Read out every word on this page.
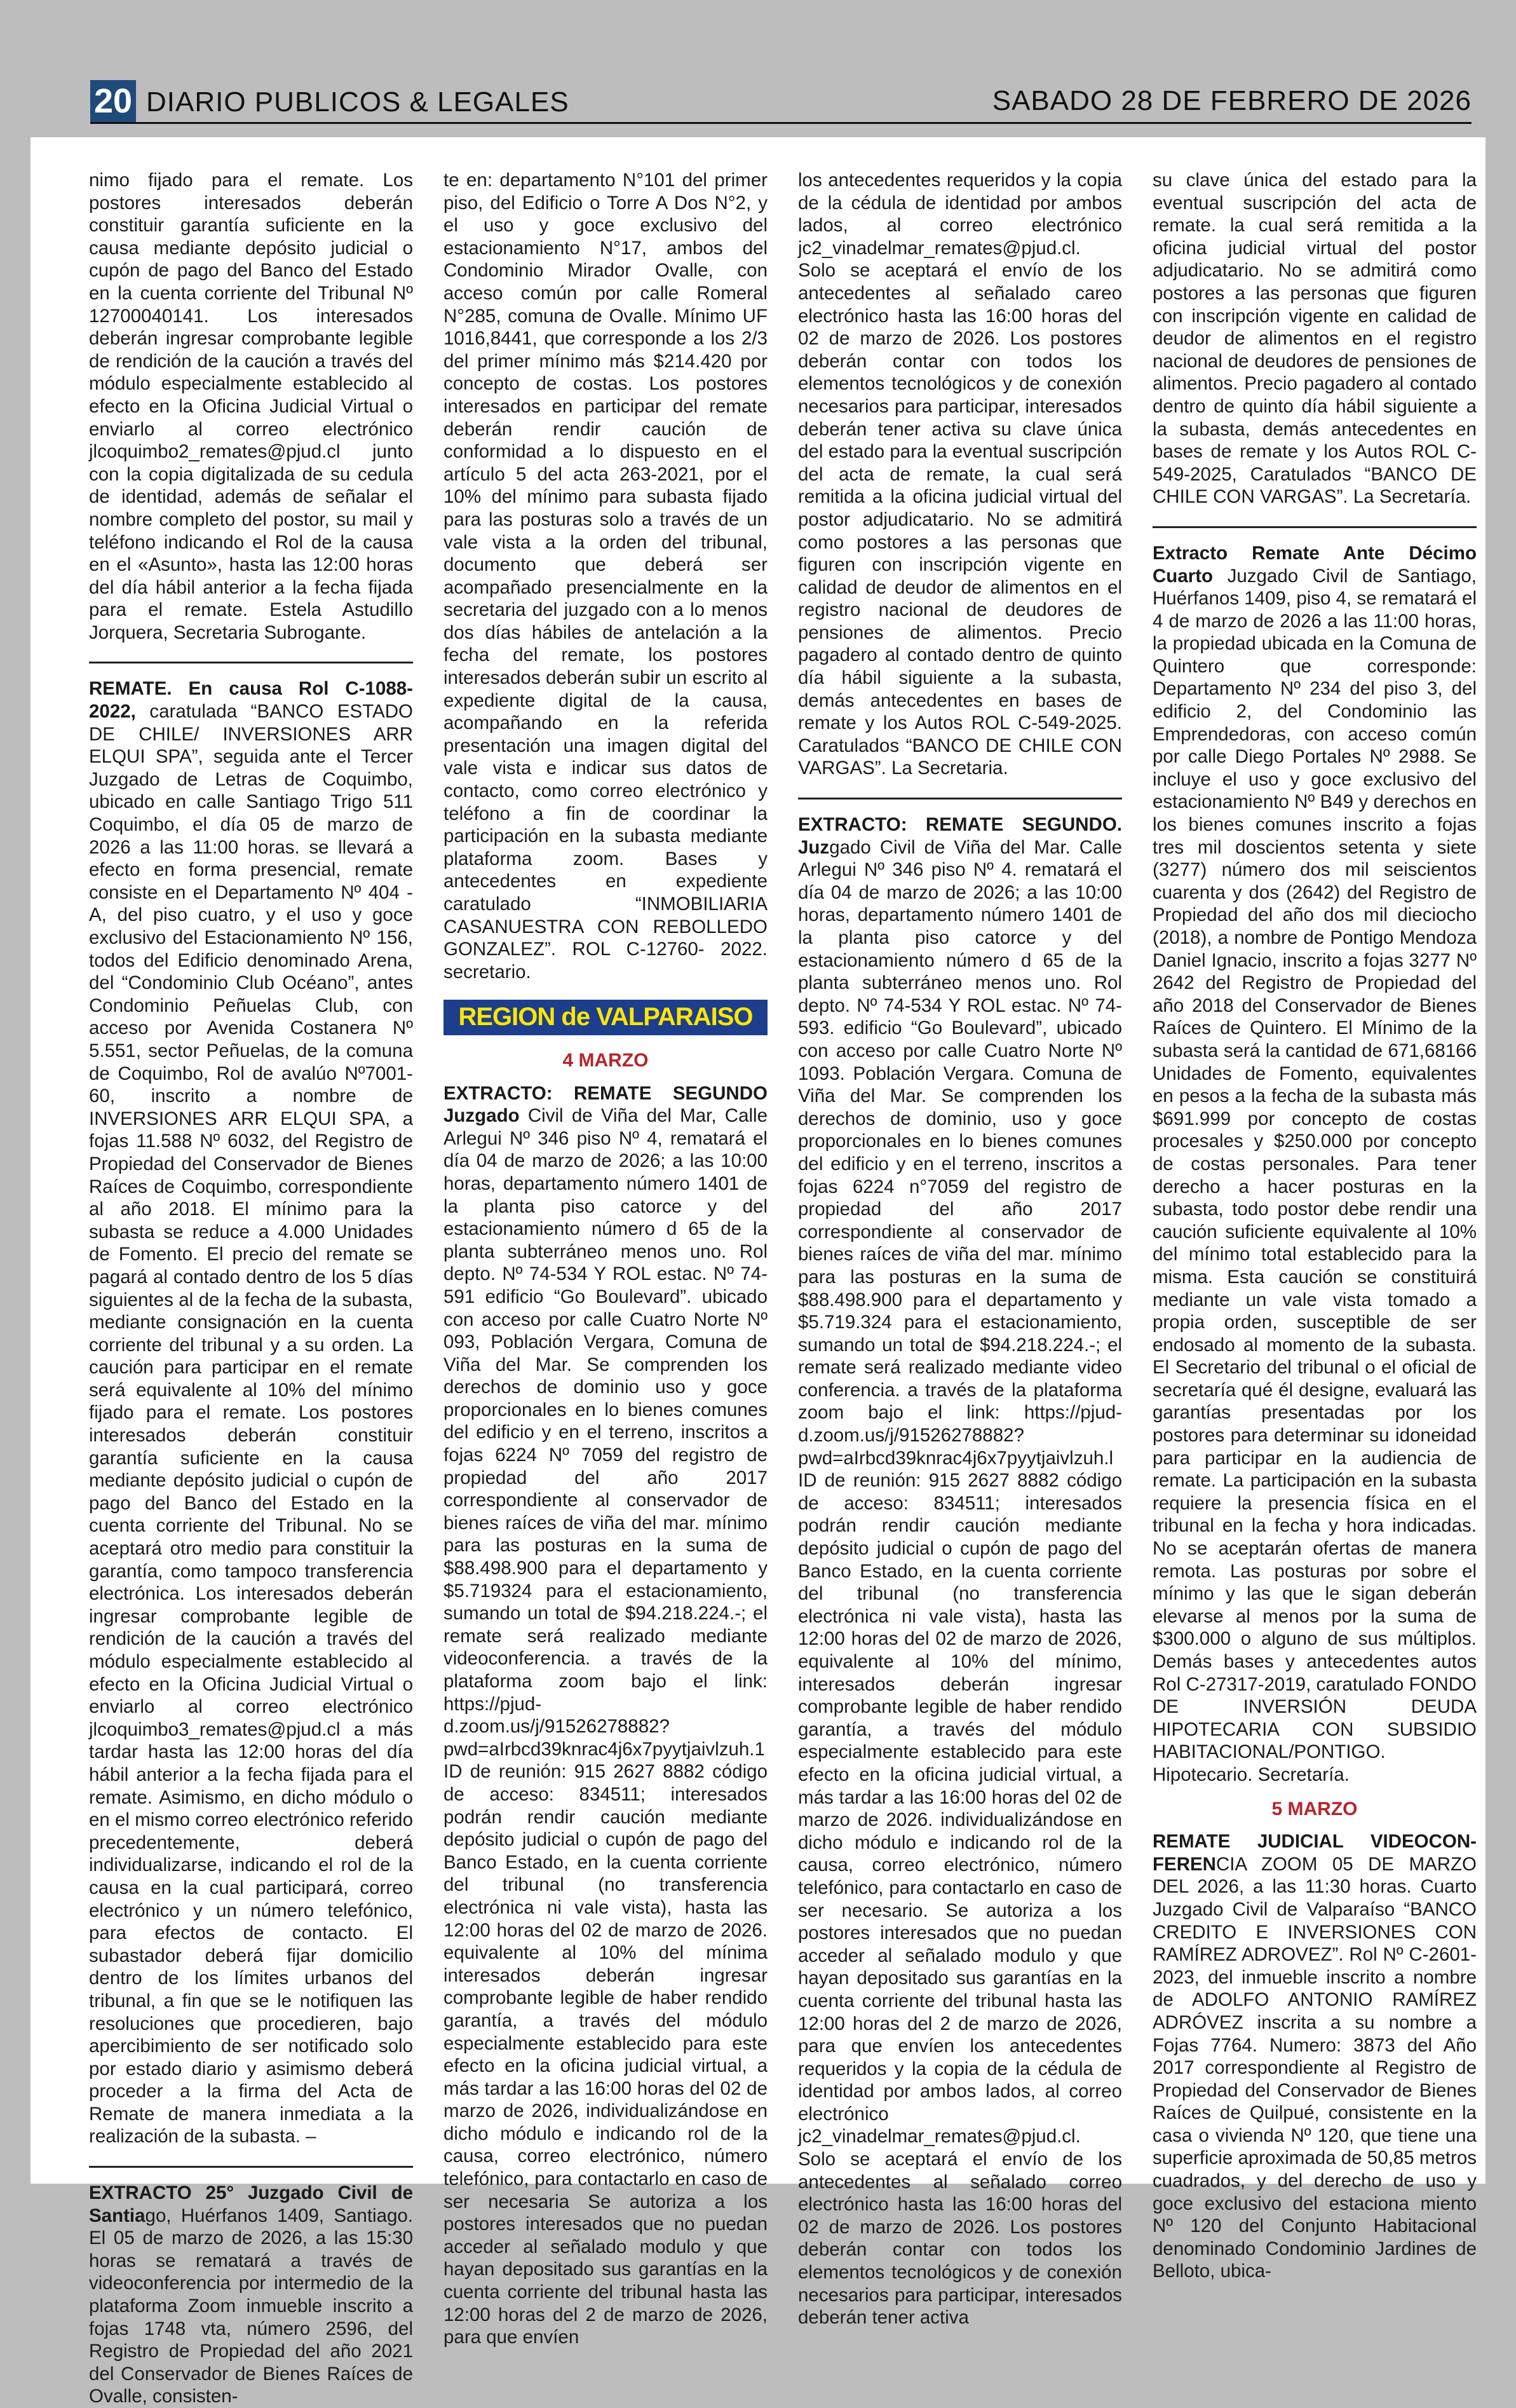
20 DIARIO PUBLICOS & LEGALES	SABADO 28 DE FEBRERO DE 2026

nimo fijado para el remate. Los postores interesados deberán constituir garantía suficiente en la causa mediante depósito judicial o cupón de pago del Banco del Estado en la cuenta corriente del Tribunal Nº 12700040141. Los interesados deberán ingresar comprobante legible de rendición de la caución a través del módulo especialmente establecido al efecto en la Oficina Judicial Virtual o enviarlo al correo electrónico jlcoquimbo2_remates@pjud.cl junto con la copia digitalizada de su cedula de identidad, además de señalar el nombre completo del postor, su mail y teléfono indicando el Rol de la causa en el «Asunto», hasta las 12:00 horas del día hábil anterior a la fecha fijada para el remate. Estela Astudillo Jorquera, Secretaria Subrogante.

REMATE. En causa Rol C-1088-2022, caratulada “BANCO ESTADO DE CHILE/ INVERSIONES ARR ELQUI SPA”, seguida ante el Tercer Juzgado de Letras de Coquimbo, ubicado en calle Santiago Trigo 511 Coquimbo, el día 05 de marzo de 2026 a las 11:00 horas. se llevará a efecto en forma presencial, remate consiste en el Departamento Nº 404 - A, del piso cuatro, y el uso y goce exclusivo del Estacionamiento Nº 156, todos del Edificio denominado Arena, del “Condominio Club Océano”, antes Condominio Peñuelas Club, con acceso por Avenida Costanera Nº 5.551, sector Peñuelas, de la comuna de Coquimbo, Rol de avalúo Nº7001-60, inscrito a nombre de INVERSIONES ARR ELQUI SPA, a fojas 11.588 Nº 6032, del Registro de Propiedad del Conservador de Bienes Raíces de Coquimbo, correspondiente al año 2018. El mínimo para la subasta se reduce a 4.000 Unidades de Fomento. El precio del remate se pagará al contado dentro de los 5 días siguientes al de la fecha de la subasta, mediante consignación en la cuenta corriente del tribunal y a su orden. La caución para participar en el remate será equivalente al 10% del mínimo fijado para el remate. Los postores interesados deberán constituir garantía suficiente en la causa mediante depósito judicial o cupón de pago del Banco del Estado en la cuenta corriente del Tribunal. No se aceptará otro medio para constituir la garantía, como tampoco transferencia electrónica. Los interesados deberán ingresar comprobante legible de rendición de la caución a través del módulo especialmente establecido al efecto en la Oficina Judicial Virtual o enviarlo al correo electrónico jlcoquimbo3_remates@pjud.cl a más tardar hasta las 12:00 horas del día hábil anterior a la fecha fijada para el remate. Asimismo, en dicho módulo o en el mismo correo electrónico referido precedentemente, deberá individualizarse, indicando el rol de la causa en la cual participará, correo electrónico y un número telefónico, para efectos de contacto. El subastador deberá fijar domicilio dentro de los límites urbanos del tribunal, a fin que se le notifiquen las resoluciones que procedieren, bajo apercibimiento de ser notificado solo por estado diario y asimismo deberá proceder a la firma del Acta de Remate de manera inmediata a la realización de la subasta. –

EXTRACTO 25° Juzgado Civil de Santiago, Huérfanos 1409, Santiago. El 05 de marzo de 2026, a las 15:30 horas se rematará a través de videoconferencia por intermedio de la plataforma Zoom inmueble inscrito a fojas 1748 vta, número 2596, del Registro de Propiedad del año 2021 del Conservador de Bienes Raíces de Ovalle, consisten-

te en: departamento N°101 del primer piso, del Edificio o Torre A Dos N°2, y el uso y goce exclusivo del estacionamiento N°17, ambos del Condominio Mirador Ovalle, con acceso común por calle Romeral N°285, comuna de Ovalle. Mínimo UF 1016,8441, que corresponde a los 2/3 del primer mínimo más $214.420 por concepto de costas. Los postores interesados en participar del remate deberán rendir caución de conformidad a lo dispuesto en el artículo 5 del acta 263-2021, por el 10% del mínimo para subasta fijado para las posturas solo a través de un vale vista a la orden del tribunal, documento que deberá ser acompañado presencialmente en la secretaria del juzgado con a lo menos dos días hábiles de antelación a la fecha del remate, los postores interesados deberán subir un escrito al expediente digital de la causa, acompañando en la referida presentación una imagen digital del vale vista e indicar sus datos de contacto, como correo electrónico y teléfono a fin de coordinar la participación en la subasta mediante plataforma zoom. Bases y antecedentes en expediente caratulado “INMOBILIARIA CASANUESTRA CON REBOLLEDO GONZALEZ”. ROL C-12760- 2022. secretario.

REGION de VALPARAISO
4 MARZO

EXTRACTO: REMATE SEGUNDO Juzgado Civil de Viña del Mar, Calle Arlegui Nº 346 piso Nº 4, rematará el día 04 de marzo de 2026; a las 10:00 horas, departamento número 1401 de la planta piso catorce y del estacionamiento número d 65 de la planta subterráneo menos uno. Rol depto. Nº 74-534 Y ROL estac. Nº 74-591 edificio “Go Boulevard”. ubicado con acceso por calle Cuatro Norte Nº 093, Población Vergara, Comuna de Viña del Mar. Se comprenden los derechos de dominio uso y goce proporcionales en lo bienes comunes del edificio y en el terreno, inscritos a fojas 6224 Nº 7059 del registro de propiedad del año 2017 correspondiente al conservador de bienes raíces de viña del mar. mínimo para las posturas en la suma de $88.498.900 para el departamento y $5.719324 para el estacionamiento, sumando un total de $94.218.224.-; el remate será realizado mediante videoconferencia. a través de la plataforma zoom bajo el link: https://pjud-d.zoom.us/j/91526278882?pwd=aIrbcd39knrac4j6x7pyytjaivlzuh.1 ID de reunión: 915 2627 8882 código de acceso: 834511; interesados podrán rendir caución mediante depósito judicial o cupón de pago del Banco Estado, en la cuenta corriente del tribunal (no transferencia electrónica ni vale vista), hasta las 12:00 horas del 02 de marzo de 2026. equivalente al 10% del mínima interesados deberán ingresar comprobante legible de haber rendido garantía, a través del módulo especialmente establecido para este efecto en la oficina judicial virtual, a más tardar a las 16:00 horas del 02 de marzo de 2026, individualizándose en dicho módulo e indicando rol de la causa, correo electrónico, número telefónico, para contactarlo en caso de ser necesaria Se autoriza a los postores interesados que no puedan acceder al señalado modulo y que hayan depositado sus garantías en la cuenta corriente del tribunal hasta las 12:00 horas del 2 de marzo de 2026, para que envíen

los antecedentes requeridos y la copia de la cédula de identidad por ambos lados, al correo electrónico jc2_vinadelmar_remates@pjud.cl. Solo se aceptará el envío de los antecedentes al señalado careo electrónico hasta las 16:00 horas del 02 de marzo de 2026. Los postores deberán contar con todos los elementos tecnológicos y de conexión necesarios para participar, interesados deberán tener activa su clave única del estado para la eventual suscripción del acta de remate, la cual será remitida a la oficina judicial virtual del postor adjudicatario. No se admitirá como postores a las personas que figuren con inscripción vigente en calidad de deudor de alimentos en el registro nacional de deudores de pensiones de alimentos. Precio pagadero al contado dentro de quinto día hábil siguiente a la subasta, demás antecedentes en bases de remate y los Autos ROL C-549-2025. Caratulados “BANCO DE CHILE CON VARGAS”. La Secretaria.

EXTRACTO: REMATE SEGUNDO. Juzgado Civil de Viña del Mar. Calle Arlegui Nº 346 piso Nº 4. rematará el día 04 de marzo de 2026; a las 10:00 horas, departamento número 1401 de la planta piso catorce y del estacionamiento número d 65 de la planta subterráneo menos uno. Rol depto. Nº 74-534 Y ROL estac. Nº 74-593. edificio “Go Boulevard”, ubicado con acceso por calle Cuatro Norte Nº 1093. Población Vergara. Comuna de Viña del Mar. Se comprenden los derechos de dominio, uso y goce proporcionales en lo bienes comunes del edificio y en el terreno, inscritos a fojas 6224 n°7059 del registro de propiedad del año 2017 correspondiente al conservador de bienes raíces de viña del mar. mínimo para las posturas en la suma de $88.498.900 para el departamento y $5.719.324 para el estacionamiento, sumando un total de $94.218.224.-; el remate será realizado mediante video conferencia. a través de la plataforma zoom bajo el link: https://pjud-d.zoom.us/j/91526278882?pwd=aIrbcd39knrac4j6x7pyytjaivlzuh.l ID de reunión: 915 2627 8882 código de acceso: 834511; interesados podrán rendir caución mediante depósito judicial o cupón de pago del Banco Estado, en la cuenta corriente del tribunal (no transferencia electrónica ni vale vista), hasta las 12:00 horas del 02 de marzo de 2026, equivalente al 10% del mínimo, interesados deberán ingresar comprobante legible de haber rendido garantía, a través del módulo especialmente establecido para este efecto en la oficina judicial virtual, a más tardar a las 16:00 horas del 02 de marzo de 2026. individualizándose en dicho módulo e indicando rol de la causa, correo electrónico, número telefónico, para contactarlo en caso de ser necesario. Se autoriza a los postores interesados que no puedan acceder al señalado modulo y que hayan depositado sus garantías en la cuenta corriente del tribunal hasta las 12:00 horas del 2 de marzo de 2026, para que envíen los antecedentes requeridos y la copia de la cédula de identidad por ambos lados, al correo electrónico jc2_vinadelmar_remates@pjud.cl. Solo se aceptará el envío de los antecedentes al señalado correo electrónico hasta las 16:00 horas del 02 de marzo de 2026. Los postores deberán contar con todos los elementos tecnológicos y de conexión necesarios para participar, interesados deberán tener activa

su clave única del estado para la eventual suscripción del acta de remate. la cual será remitida a la oficina judicial virtual del postor adjudicatario. No se admitirá como postores a las personas que figuren con inscripción vigente en calidad de deudor de alimentos en el registro nacional de deudores de pensiones de alimentos. Precio pagadero al contado dentro de quinto día hábil siguiente a la subasta, demás antecedentes en bases de remate y los Autos ROL C-549-2025, Caratulados “BANCO DE CHILE CON VARGAS”. La Secretaría.

Extracto Remate Ante Décimo Cuarto Juzgado Civil de Santiago, Huérfanos 1409, piso 4, se rematará el 4 de marzo de 2026 a las 11:00 horas, la propiedad ubicada en la Comuna de Quintero que corresponde: Departamento Nº 234 del piso 3, del edificio 2, del Condominio las Emprendedoras, con acceso común por calle Diego Portales Nº 2988. Se incluye el uso y goce exclusivo del estacionamiento Nº B49 y derechos en los bienes comunes inscrito a fojas tres mil doscientos setenta y siete (3277) número dos mil seiscientos cuarenta y dos (2642) del Registro de Propiedad del año dos mil dieciocho (2018), a nombre de Pontigo Mendoza Daniel Ignacio, inscrito a fojas 3277 Nº 2642 del Registro de Propiedad del año 2018 del Conservador de Bienes Raíces de Quintero. El Mínimo de la subasta será la cantidad de 671,68166 Unidades de Fomento, equivalentes en pesos a la fecha de la subasta más $691.999 por concepto de costas procesales y $250.000 por concepto de costas personales. Para tener derecho a hacer posturas en la subasta, todo postor debe rendir una caución suficiente equivalente al 10% del mínimo total establecido para la misma. Esta caución se constituirá mediante un vale vista tomado a propia orden, susceptible de ser endosado al momento de la subasta. El Secretario del tribunal o el oficial de secretaría qué él designe, evaluará las garantías presentadas por los postores para determinar su idoneidad para participar en la audiencia de remate. La participación en la subasta requiere la presencia física en el tribunal en la fecha y hora indicadas. No se aceptarán ofertas de manera remota. Las posturas por sobre el mínimo y las que le sigan deberán elevarse al menos por la suma de $300.000 o alguno de sus múltiplos. Demás bases y antecedentes autos Rol C-27317-2019, caratulado FONDO DE INVERSIÓN DEUDA HIPOTECARIA CON SUBSIDIO HABITACIONAL/PONTIGO. Hipotecario. Secretaría.

5 MARZO

REMATE JUDICIAL VIDEOCON-FERENCIA ZOOM 05 DE MARZO DEL 2026, a las 11:30 horas. Cuarto Juzgado Civil de Valparaíso “BANCO CREDITO E INVERSIONES CON RAMÍREZ ADROVEZ”. Rol Nº C-2601-2023, del inmueble inscrito a nombre de ADOLFO ANTONIO RAMÍREZ ADRÓVEZ inscrita a su nombre a Fojas 7764. Numero: 3873 del Año 2017 correspondiente al Registro de Propiedad del Conservador de Bienes Raíces de Quilpué, consistente en la casa o vivienda Nº 120, que tiene una superficie aproximada de 50,85 metros cuadrados, y del derecho de uso y goce exclusivo del estaciona miento Nº 120 del Conjunto Habitacional denominado Condominio Jardines de Belloto, ubica-
